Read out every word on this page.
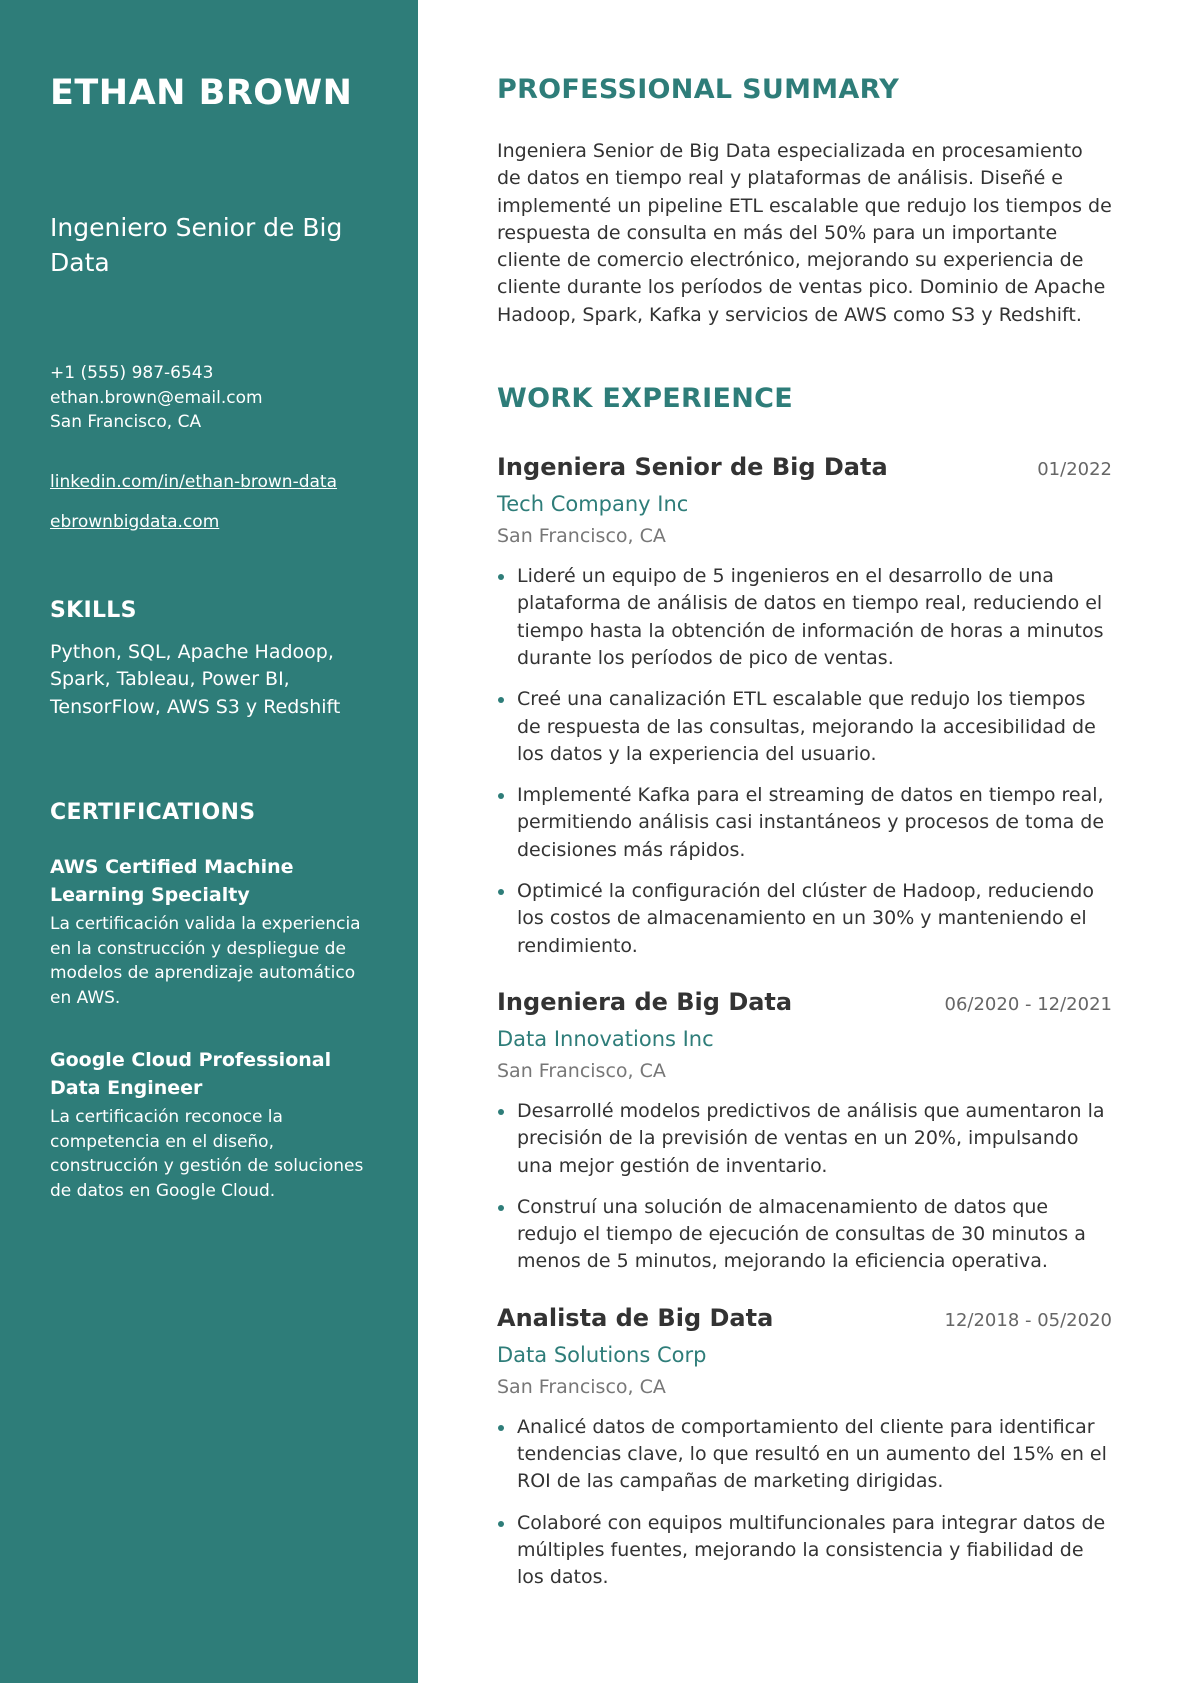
ETHAN BROWN
Ingeniero Senior de Big Data
+1 (555) 987-6543
ethan.brown@email.com
San Francisco, CA
linkedin.com/in/ethan-brown-data
ebrownbigdata.com
SKILLS
Python, SQL, Apache Hadoop, Spark, Tableau, Power BI, TensorFlow, AWS S3 y Redshift
CERTIFICATIONS
AWS Certified Machine Learning Specialty
La certificación valida la experiencia en la construcción y despliegue de modelos de aprendizaje automático en AWS.
Google Cloud Professional Data Engineer
La certificación reconoce la competencia en el diseño, construcción y gestión de soluciones de datos en Google Cloud.
PROFESSIONAL SUMMARY

Ingeniera Senior de Big Data especializada en procesamiento de datos en tiempo real y plataformas de análisis. Diseñé e implementé un pipeline ETL escalable que redujo los tiempos de respuesta de consulta en más del 50% para un importante cliente de comercio electrónico, mejorando su experiencia de cliente durante los períodos de ventas pico. Dominio de Apache Hadoop, Spark, Kafka y servicios de AWS como S3 y Redshift.

WORK EXPERIENCE
Ingeniera Senior de Big Data	01/2022
Tech Company Inc
San Francisco, CA
Lideré un equipo de 5 ingenieros en el desarrollo de una plataforma de análisis de datos en tiempo real, reduciendo el tiempo hasta la obtención de información de horas a minutos durante los períodos de pico de ventas.
Creé una canalización ETL escalable que redujo los tiempos de respuesta de las consultas, mejorando la accesibilidad de los datos y la experiencia del usuario.
Implementé Kafka para el streaming de datos en tiempo real, permitiendo análisis casi instantáneos y procesos de toma de decisiones más rápidos.
Optimicé la configuración del clúster de Hadoop, reduciendo los costos de almacenamiento en un 30% y manteniendo el rendimiento.
Ingeniera de Big Data	06/2020 - 12/2021
Data Innovations Inc
San Francisco, CA
Desarrollé modelos predictivos de análisis que aumentaron la precisión de la previsión de ventas en un 20%, impulsando una mejor gestión de inventario.
Construí una solución de almacenamiento de datos que redujo el tiempo de ejecución de consultas de 30 minutos a menos de 5 minutos, mejorando la eficiencia operativa.
Analista de Big Data	12/2018 - 05/2020
Data Solutions Corp
San Francisco, CA
Analicé datos de comportamiento del cliente para identificar tendencias clave, lo que resultó en un aumento del 15% en el ROI de las campañas de marketing dirigidas.
Colaboré con equipos multifuncionales para integrar datos de múltiples fuentes, mejorando la consistencia y fiabilidad de los datos.
